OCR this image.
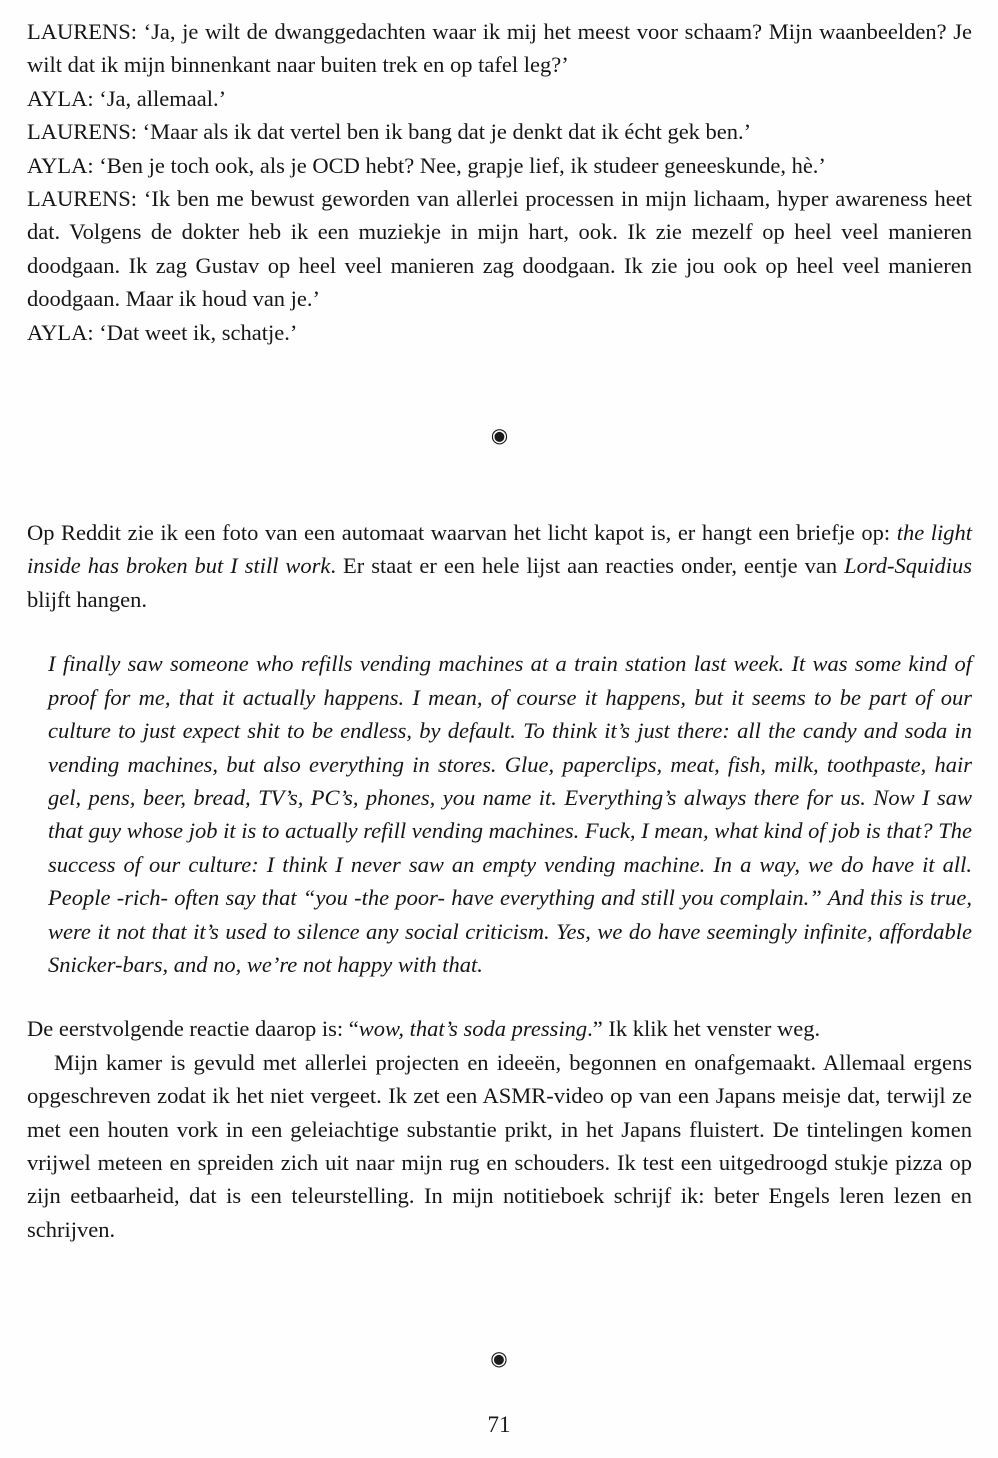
LAURENS: ‘Ja, je wilt de dwanggedachten waar ik mij het meest voor schaam? Mijn waanbeelden? Je wilt dat ik mijn binnenkant naar buiten trek en op tafel leg?’

AYLA: ‘Ja, allemaal.’

LAURENS: ‘Maar als ik dat vertel ben ik bang dat je denkt dat ik écht gek ben.’

AYLA: ‘Ben je toch ook, als je OCD hebt? Nee, grapje lief, ik studeer geneeskunde, hè.’

LAURENS: ‘Ik ben me bewust geworden van allerlei processen in mijn lichaam, hyper awareness heet dat. Volgens de dokter heb ik een muziekje in mijn hart, ook. Ik zie mezelf op heel veel manieren doodgaan. Ik zag Gustav op heel veel manieren zag doodgaan. Ik zie jou ook op heel veel manieren doodgaan. Maar ik houd van je.’

AYLA: ‘Dat weet ik, schatje.’

◉

Op Reddit zie ik een foto van een automaat waarvan het licht kapot is, er hangt een briefje op: the light inside has broken but I still work. Er staat er een hele lijst aan reacties onder, eentje van Lord-Squidius blijft hangen.

I finally saw someone who refills vending machines at a train station last week. It was some kind of proof for me, that it actually happens. I mean, of course it happens, but it seems to be part of our culture to just expect shit to be endless, by default. To think it’s just there: all the candy and soda in vending machines, but also everything in stores. Glue, paperclips, meat, fish, milk, toothpaste, hair gel, pens, beer, bread, TV’s, PC’s, phones, you name it. Everything’s always there for us. Now I saw that guy whose job it is to actually refill vending machines. Fuck, I mean, what kind of job is that? The success of our culture: I think I never saw an empty vending machine. In a way, we do have it all. People -rich- often say that “you -the poor- have everything and still you complain.” And this is true, were it not that it’s used to silence any social criticism. Yes, we do have seemingly infinite, affordable Snicker-bars, and no, we’re not happy with that.

De eerstvolgende reactie daarop is: “wow, that’s soda pressing.” Ik klik het venster weg.

Mijn kamer is gevuld met allerlei projecten en ideeën, begonnen en onafgemaakt. Allemaal ergens opgeschreven zodat ik het niet vergeet. Ik zet een ASMR-video op van een Japans meisje dat, terwijl ze met een houten vork in een geleiachtige substantie prikt, in het Japans fluistert. De tintelingen komen vrijwel meteen en spreiden zich uit naar mijn rug en schouders. Ik test een uitgedroogd stukje pizza op zijn eetbaarheid, dat is een teleurstelling. In mijn notitieboek schrijf ik: beter Engels leren lezen en schrijven.

◉
71
